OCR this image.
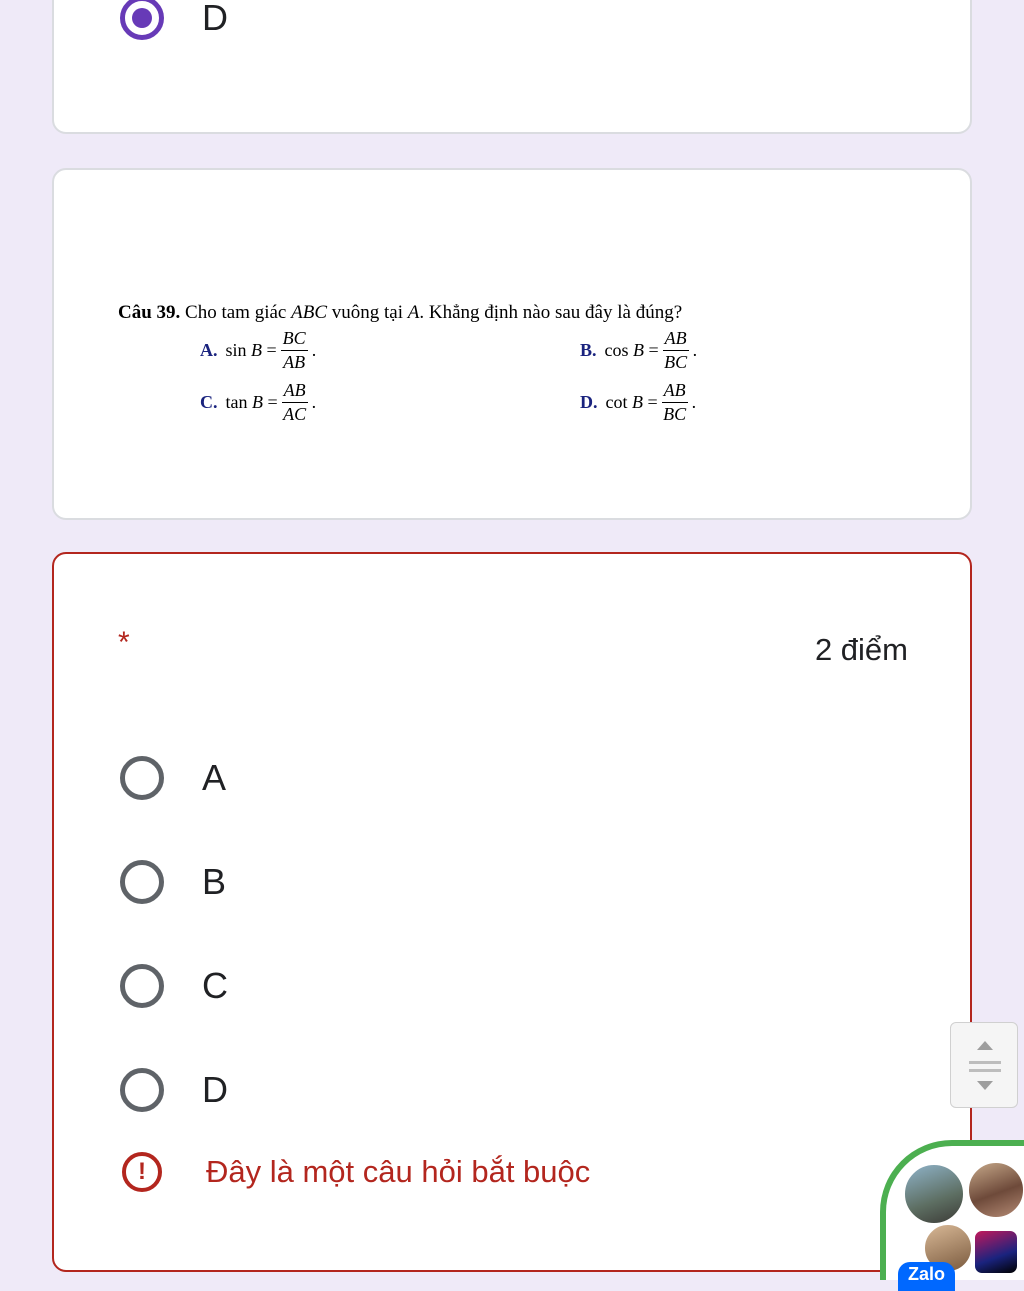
D
Câu 39. Cho tam giác ABC vuông tại A. Khẳng định nào sau đây là đúng?
A. sin
$B = \frac{BC}{AB}$ .	B. cos
$B = \frac{AB}{BC}$ .
C. tan
$B = \frac{AB}{AC}$ .	D. cot
$B = \frac{AB}{BC}$ .
*	2 điểm
A
B
C
D
!	Đây là một câu hỏi bắt buộc
Zalo
